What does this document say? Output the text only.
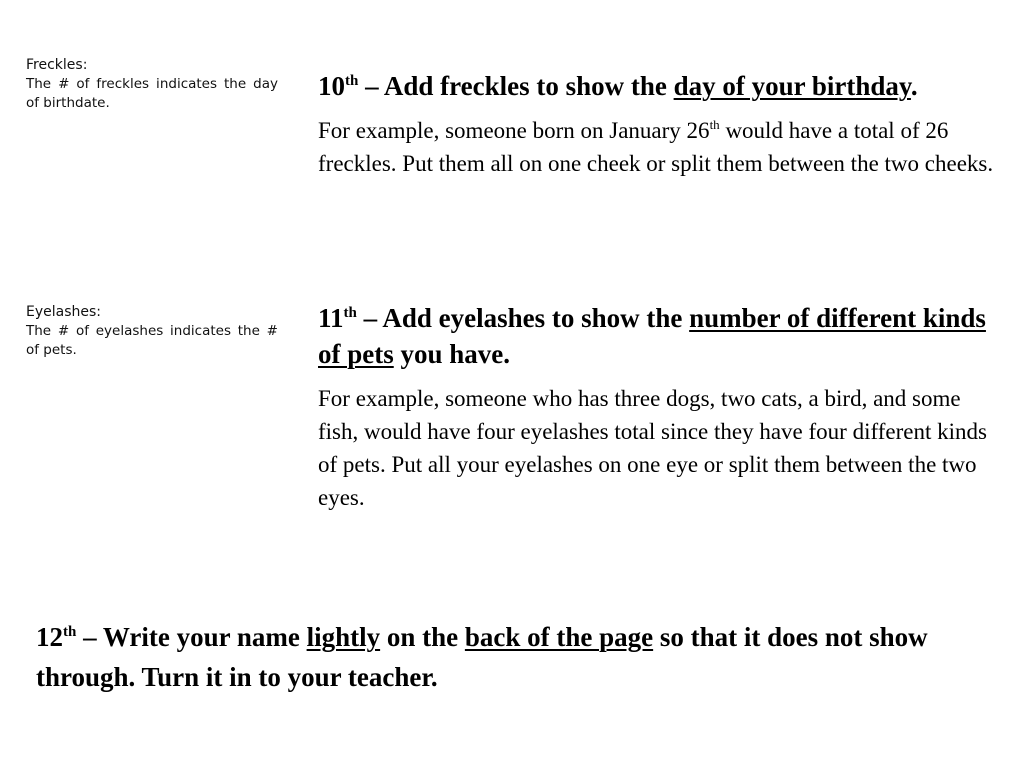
Freckles:
The # of freckles indicates the day of birthdate.
Eyelashes:
The # of eyelashes indicates the # of pets.

10th – Add freckles to show the day of your birthday.

For example, someone born on January 26th would have a total of 26 freckles. Put them all on one cheek or split them between the two cheeks.

11th – Add eyelashes to show the number of different kinds of pets you have.

For example, someone who has three dogs, two cats, a bird, and some fish, would have four eyelashes total since they have four different kinds of pets. Put all your eyelashes on one eye or split them between the two eyes.

12th – Write your name lightly on the back of the page so that it does not show through. Turn it in to your teacher.
